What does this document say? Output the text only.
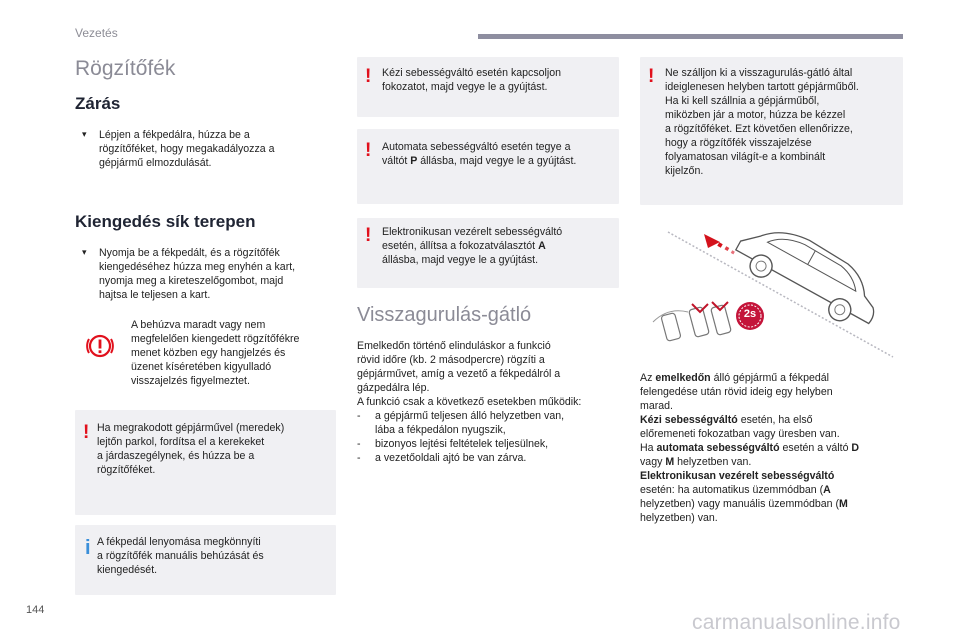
Vezetés
Rögzítőfék
Zárás
▾ Lépjen a fékpedálra, húzza be a
rögzítőféket, hogy megakadályozza a
gépjármű elmozdulását.
Kiengedés sík terepen
▾ Nyomja be a fékpedált, és a rögzítőfék
kiengedéséhez húzza meg enyhén a kart,
nyomja meg a kireteszelőgombot, majd
hajtsa le teljesen a kart.
A behúzva maradt vagy nem
megfelelően kiengedett rögzítőfékre
menet közben egy hangjelzés és
üzenet kíséretében kigyulladó
visszajelzés figyelmeztet.
! Ha megrakodott gépjárművel (meredek)
lejtőn parkol, fordítsa el a kerekeket
a járdaszegélynek, és húzza be a
rögzítőféket.
i A fékpedál lenyomása megkönnyíti
a rögzítőfék manuális behúzását és
kiengedését.
! Kézi sebességváltó esetén kapcsoljon
fokozatot, majd vegye le a gyújtást.
! Automata sebességváltó esetén tegye a
váltót P állásba, majd vegye le a gyújtást.
! Elektronikusan vezérelt sebességváltó
esetén, állítsa a fokozatválasztót A
állásba, majd vegye le a gyújtást.
Visszagurulás-gátló
Emelkedőn történő elinduláskor a funkció
rövid időre (kb. 2 másodpercre) rögzíti a
gépjárművet, amíg a vezető a fékpedálról a
gázpedálra lép.
A funkció csak a következő esetekben működik:
- a gépjármű teljesen álló helyzetben van,
lába a fékpedálon nyugszik,
- bizonyos lejtési feltételek teljesülnek,
- a vezetőoldali ajtó be van zárva.
! Ne szálljon ki a visszagurulás-gátló által
ideiglenesen helyben tartott gépjárműből.
Ha ki kell szállnia a gépjárműből,
miközben jár a motor, húzza be kézzel
a rögzítőféket. Ezt követően ellenőrizze,
hogy a rögzítőfék visszajelzése
folyamatosan világít-e a kombinált
kijelzőn.
2s
Az emelkedőn álló gépjármű a fékpedál
felengedése után rövid ideig egy helyben
marad.
Kézi sebességváltó esetén, ha első
előremeneti fokozatban vagy üresben van.
Ha automata sebességváltó esetén a váltó D
vagy M helyzetben van.
Elektronikusan vezérelt sebességváltó
esetén: ha automatikus üzemmódban (A
helyzetben) vagy manuális üzemmódban (M
helyzetben) van.
144
carmanualsonline.info
